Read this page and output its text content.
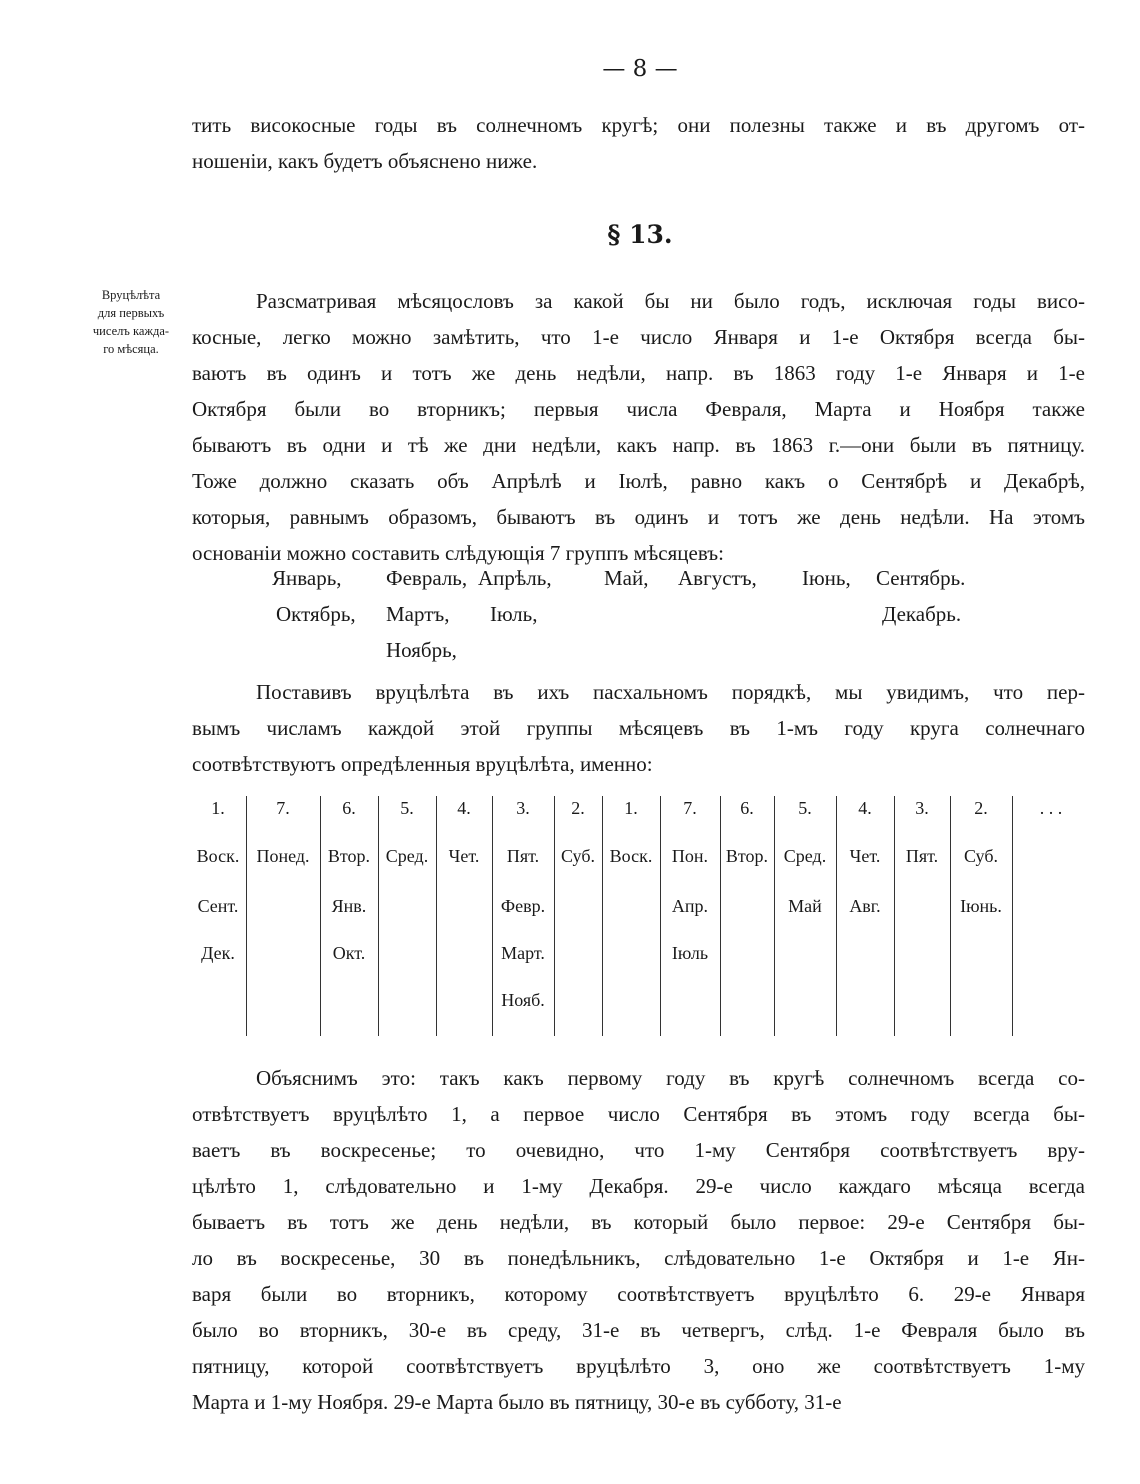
— 8 —
тить високосные годы въ солнечномъ кругѣ; они полезны также и въ другомъ от-
ношеніи, какъ будетъ объяснено ниже.
§ 13.
Вруцѣлѣта
для первыхъ
чиселъ каждa-
го мѣсяца.
Разсматривая мѣсяцословъ за какой бы ни было годъ, исключая годы висо-
косные, легко можно замѣтить, что 1-е число Января и 1-е Октября всегда бы-
ваютъ въ одинъ и тотъ же день недѣли, напр. въ 1863 году 1-е Января и 1-е
Октября были во вторникъ; первыя числа Февраля, Марта и Ноября также
бываютъ въ одни и тѣ же дни недѣли, какъ напр. въ 1863 г.—они были въ пятницу.
Тоже должно сказать объ Апрѣлѣ и Іюлѣ, равно какъ о Сентябрѣ и Декабрѣ,
которыя, равнымъ образомъ, бываютъ въ одинъ и тотъ же день недѣли. На этомъ
основаніи можно составить слѣдующія 7 группъ мѣсяцевъ:
Январь,
Октябрь,
Февраль,
Мартъ,
Ноябрь,
Апрѣль,
Іюль,
Май, Августъ, Іюнь, Сентябрь.
Декабрь.
Поставивъ вруцѣлѣта въ ихъ пасхальномъ порядкѣ, мы увидимъ, что пер-
вымъ числамъ каждой этой группы мѣсяцевъ въ 1-мъ году круга солнечнаго
соотвѣтствуютъ опредѣленныя вруцѣлѣта, именно:
1.
Воск.
Сент.
Дек.
7.
Понед.
6.
Втор.
Янв.
Окт.
5.
Сред.
4.
Чет.
3.
Пят.
Февр.
Март.
Нояб.
2.
Суб.
1.
Воск.
7.
Пон.
Апр.
Іюль
6.
Втор.
5.
Сред.
Май
4.
Чет.
Авг.
3.
Пят.
2.
Суб.
Іюнь.
. . .
Объяснимъ это: такъ какъ первому году въ кругѣ солнечномъ всегда со-
отвѣтствуетъ вруцѣлѣто 1, а первое число Сентября въ этомъ году всегда бы-
ваетъ въ воскресенье; то очевидно, что 1-му Сентября соотвѣтствуетъ вру-
цѣлѣто 1, слѣдовательно и 1-му Декабря. 29-е число каждаго мѣсяца всегда
бываетъ въ тотъ же день недѣли, въ который было первое: 29-е Сентября бы-
ло въ воскресенье, 30 въ понедѣльникъ, слѣдовательно 1-е Октября и 1-е Ян-
варя были во вторникъ, которому соотвѣтствуетъ вруцѣлѣто 6. 29-е Января
было во вторникъ, 30-е въ среду, 31-е въ четвергъ, слѣд. 1-е Февраля было въ
пятницу, которой соотвѣтствуетъ вруцѣлѣто 3, оно же соотвѣтствуетъ 1-му
Марта и 1-му Ноября. 29-е Марта было въ пятницу, 30-е въ субботу, 31-е
